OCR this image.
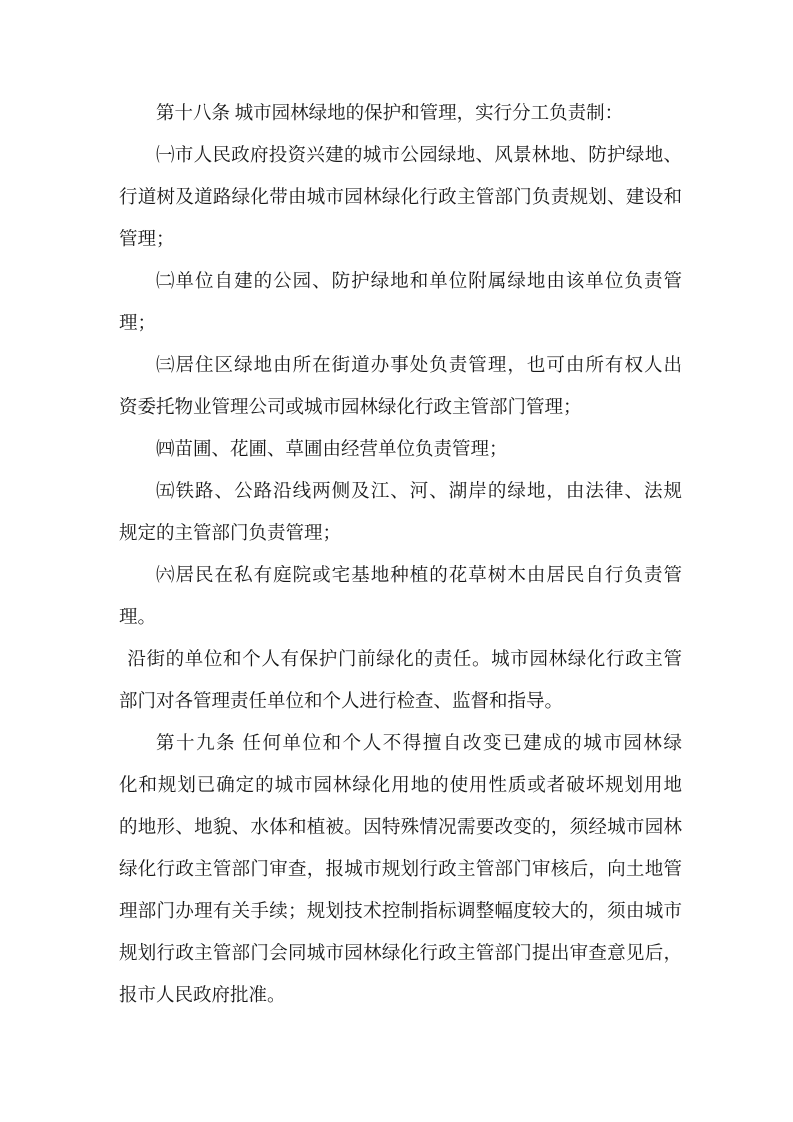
第十八条 城市园林绿地的保护和管理，实行分工负责制：
㈠市人民政府投资兴建的城市公园绿地、风景林地、防护绿地、
行道树及道路绿化带由城市园林绿化行政主管部门负责规划、建设和
管理；
㈡单位自建的公园、防护绿地和单位附属绿地由该单位负责管
理；
㈢居住区绿地由所在街道办事处负责管理，也可由所有权人出
资委托物业管理公司或城市园林绿化行政主管部门管理；
㈣苗圃、花圃、草圃由经营单位负责管理；
㈤铁路、公路沿线两侧及江、河、湖岸的绿地，由法律、法规
规定的主管部门负责管理；
㈥居民在私有庭院或宅基地种植的花草树木由居民自行负责管
理。
沿街的单位和个人有保护门前绿化的责任。城市园林绿化行政主管
部门对各管理责任单位和个人进行检查、监督和指导。
第十九条 任何单位和个人不得擅自改变已建成的城市园林绿
化和规划已确定的城市园林绿化用地的使用性质或者破坏规划用地
的地形、地貌、水体和植被。因特殊情况需要改变的，须经城市园林
绿化行政主管部门审查，报城市规划行政主管部门审核后，向土地管
理部门办理有关手续；规划技术控制指标调整幅度较大的，须由城市
规划行政主管部门会同城市园林绿化行政主管部门提出审查意见后，
报市人民政府批准。
